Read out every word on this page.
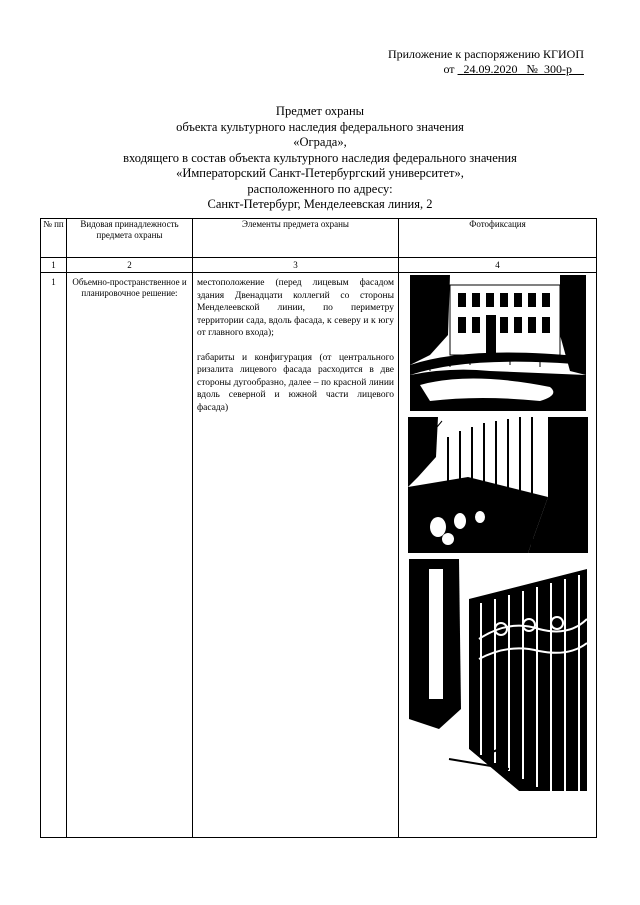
Приложение к распоряжению КГИОП
от 24.09.2020 № 300-р
Предмет охраны
объекта культурного наследия федерального значения
«Ограда»,
входящего в состав объекта культурного наследия федерального значения
«Императорский Санкт-Петербургский университет»,
расположенного по адресу:
Санкт-Петербург, Менделеевская линия, 2
№ пп	Видовая принадлежность предмета охраны	Элементы предмета охраны	Фотофиксация
1	2	3	4
1	Объемно-пространственное и планировочное решение:	местоположение (перед лицевым фасадом здания Двенадцати коллегий со стороны Менделеевской линии, по периметру территории сада, вдоль фасада, к северу и к югу от главного входа);

габариты и конфигурация (от центрального ризалита лицевого фасада расходится в две стороны дугообразно, далее – по красной линии вдоль северной и южной части лицевого фасада)
